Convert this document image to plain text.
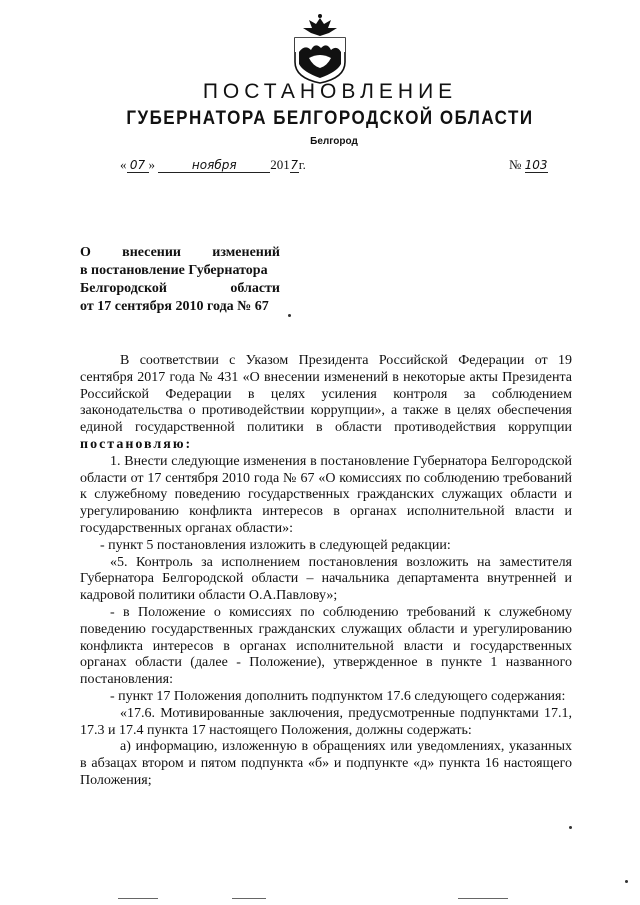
ПОСТАНОВЛЕНИЕ
ГУБЕРНАТОРА БЕЛГОРОДСКОЙ ОБЛАСТИ
Белгород
« 07 »	ноября	2017г.	№ 103
О внесении изменений
в постановление Губернатора
Белгородской области
от 17 сентября 2010 года № 67

В соответствии с Указом Президента Российской Федерации от 19 сентября 2017 года № 431 «О внесении изменений в некоторые акты Президента Российской Федерации в целях усиления контроля за соблюдением законодательства о противодействии коррупции», а также в целях обеспечения единой государственной политики в области противодействия коррупции постановляю:

1. Внести следующие изменения в постановление Губернатора Белгородской области от 17 сентября 2010 года № 67 «О комиссиях по соблюдению требований к служебному поведению государственных гражданских служащих области и урегулированию конфликта интересов в органах исполнительной власти и государственных органах области»:

- пункт 5 постановления изложить в следующей редакции:

«5. Контроль за исполнением постановления возложить на заместителя Губернатора Белгородской области – начальника департамента внутренней и кадровой политики области О.А.Павлову»;

- в Положение о комиссиях по соблюдению требований к служебному поведению государственных гражданских служащих области и урегулированию конфликта интересов в органах исполнительной власти и государственных органах области (далее - Положение), утвержденное в пункте 1 названного постановления:

- пункт 17 Положения дополнить подпунктом 17.6 следующего содержания:

«17.6. Мотивированные заключения, предусмотренные подпунктами 17.1, 17.3 и 17.4 пункта 17 настоящего Положения, должны содержать:

а) информацию, изложенную в обращениях или уведомлениях, указанных в абзацах втором и пятом подпункта «б» и подпункте «д» пункта 16 настоящего Положения;
